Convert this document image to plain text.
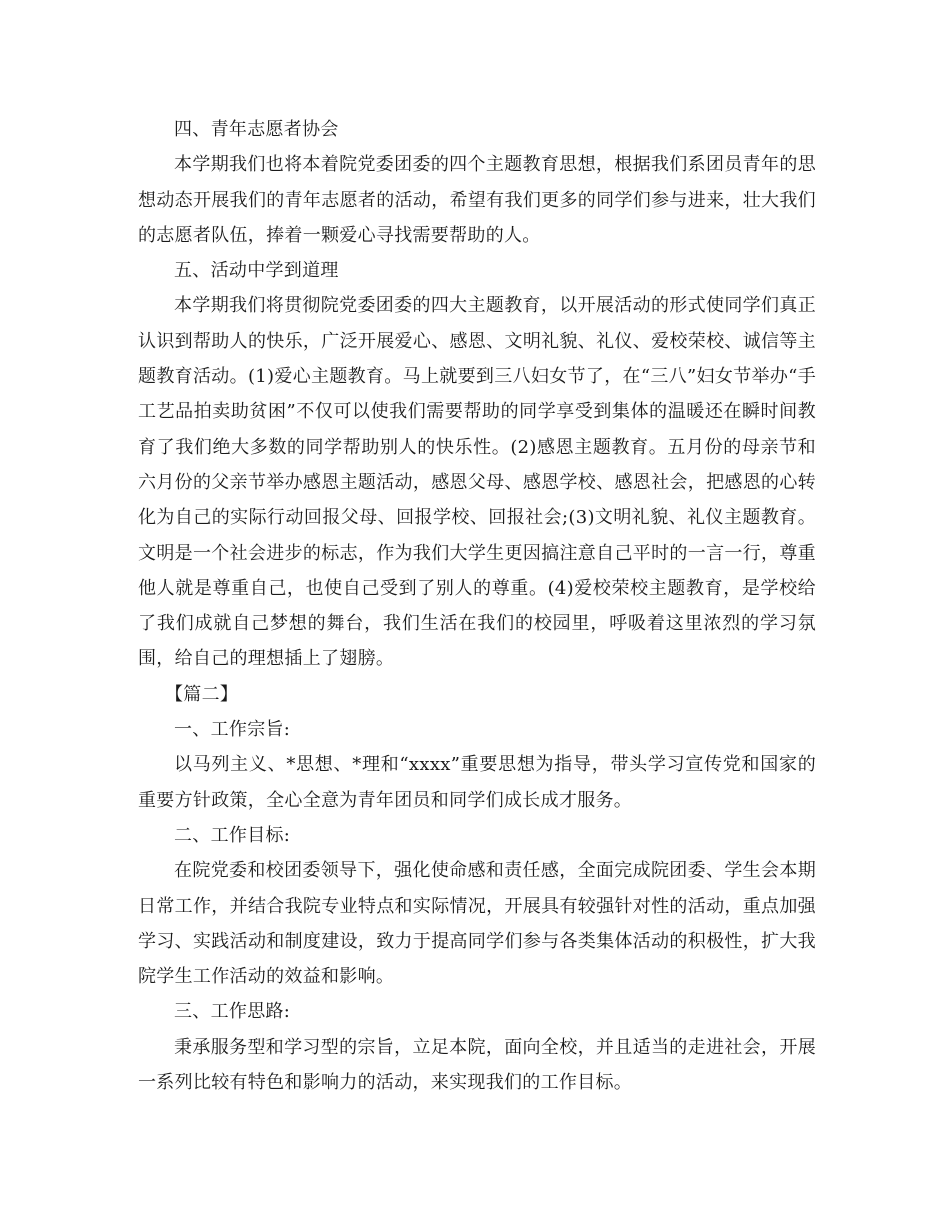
四、青年志愿者协会

本学期我们也将本着院党委团委的四个主题教育思想，根据我们系团员青年的思想动态开展我们的青年志愿者的活动，希望有我们更多的同学们参与进来，壮大我们的志愿者队伍，捧着一颗爱心寻找需要帮助的人。

五、活动中学到道理

本学期我们将贯彻院党委团委的四大主题教育，以开展活动的形式使同学们真正认识到帮助人的快乐，广泛开展爱心、感恩、文明礼貌、礼仪、爱校荣校、诚信等主题教育活动。(1)爱心主题教育。马上就要到三八妇女节了，在“三八”妇女节举办“手工艺品拍卖助贫困”不仅可以使我们需要帮助的同学享受到集体的温暖还在瞬时间教育了我们绝大多数的同学帮助别人的快乐性。(2)感恩主题教育。五月份的母亲节和六月份的父亲节举办感恩主题活动，感恩父母、感恩学校、感恩社会，把感恩的心转化为自己的实际行动回报父母、回报学校、回报社会;(3)文明礼貌、礼仪主题教育。文明是一个社会进步的标志，作为我们大学生更因搞注意自己平时的一言一行，尊重他人就是尊重自己，也使自己受到了别人的尊重。(4)爱校荣校主题教育，是学校给了我们成就自己梦想的舞台，我们生活在我们的校园里，呼吸着这里浓烈的学习氛围，给自己的理想插上了翅膀。

【篇二】

一、工作宗旨:

以马列主义、*思想、*理和“xxxx”重要思想为指导，带头学习宣传党和国家的重要方针政策，全心全意为青年团员和同学们成长成才服务。

二、工作目标:

在院党委和校团委领导下，强化使命感和责任感，全面完成院团委、学生会本期日常工作，并结合我院专业特点和实际情况，开展具有较强针对性的活动，重点加强学习、实践活动和制度建设，致力于提高同学们参与各类集体活动的积极性，扩大我院学生工作活动的效益和影响。

三、工作思路:

秉承服务型和学习型的宗旨，立足本院，面向全校，并且适当的走进社会，开展一系列比较有特色和影响力的活动，来实现我们的工作目标。
